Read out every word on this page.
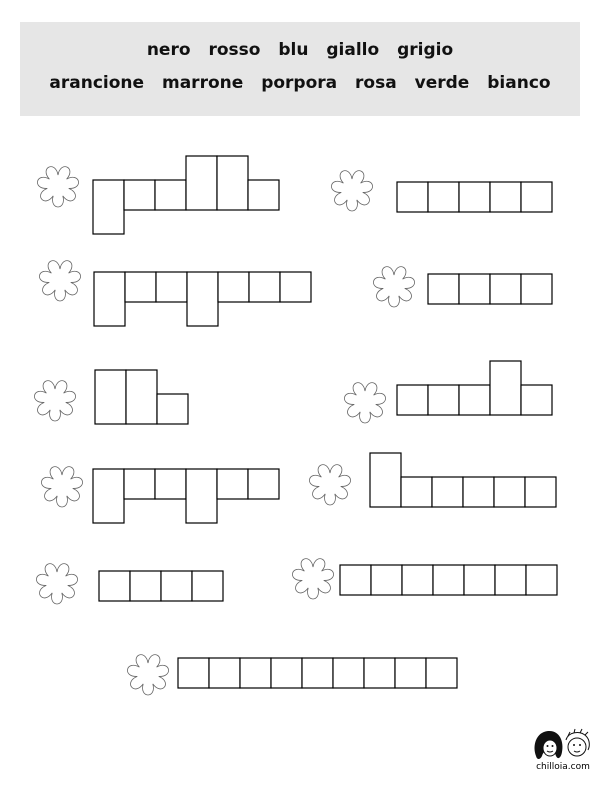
nero rosso blu giallo grigio
arancione marrone porpora rosa verde bianco
chilloia.com
